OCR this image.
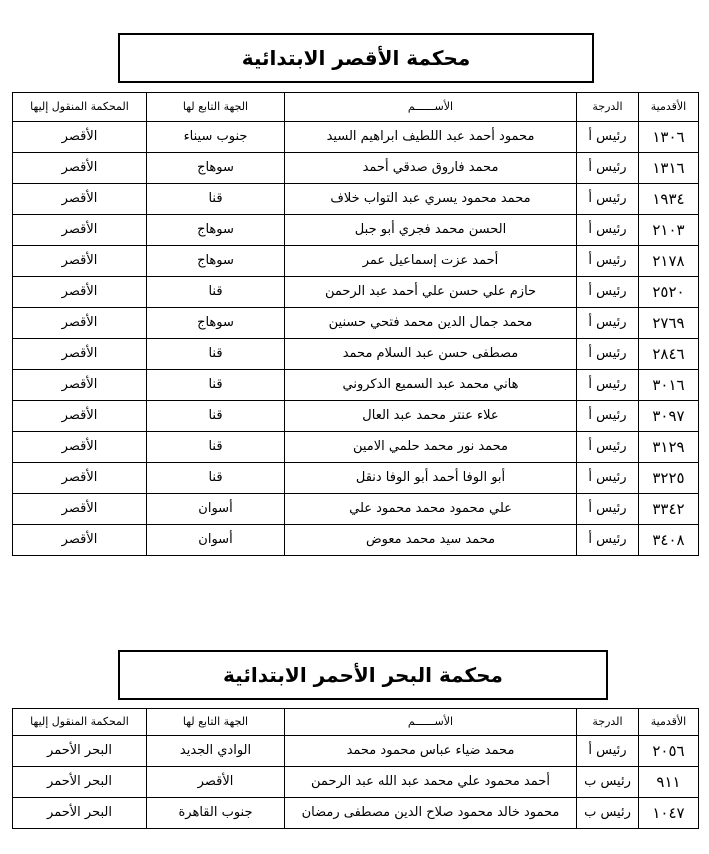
محكمة الأقصر الابتدائية
الأقدمية	الدرجة	الأســــــم	الجهة التابع لها	المحكمة المنقول إليها
١٣٠٦	رئيس أ	محمود أحمد عبد اللطيف ابراهيم السيد	جنوب سيناء	الأقصر
١٣١٦	رئيس أ	محمد فاروق صدقي أحمد	سوهاج	الأقصر
١٩٣٤	رئيس أ	محمد محمود يسري عبد التواب خلاف	قنا	الأقصر
٢١٠٣	رئيس أ	الحسن محمد فجري أبو جبل	سوهاج	الأقصر
٢١٧٨	رئيس أ	أحمد عزت إسماعيل عمر	سوهاج	الأقصر
٢٥٢٠	رئيس أ	حازم علي حسن علي أحمد عبد الرحمن	قنا	الأقصر
٢٧٦٩	رئيس أ	محمد جمال الدين محمد فتحي حسنين	سوهاج	الأقصر
٢٨٤٦	رئيس أ	مصطفى حسن عبد السلام محمد	قنا	الأقصر
٣٠١٦	رئيس أ	هاني محمد عبد السميع الدكروني	قنا	الأقصر
٣٠٩٧	رئيس أ	علاء عنتر محمد عبد العال	قنا	الأقصر
٣١٢٩	رئيس أ	محمد نور محمد حلمي الامين	قنا	الأقصر
٣٢٢٥	رئيس أ	أبو الوفا أحمد أبو الوفا دنقل	قنا	الأقصر
٣٣٤٢	رئيس أ	علي محمود محمد محمود علي	أسوان	الأقصر
٣٤٠٨	رئيس أ	محمد سيد محمد معوض	أسوان	الأقصر
محكمة البحر الأحمر الابتدائية
الأقدمية	الدرجة	الأســــــم	الجهة التابع لها	المحكمة المنقول إليها
٢٠٥٦	رئيس أ	محمد ضياء عباس محمود محمد	الوادي الجديد	البحر الأحمر
٩١١	رئيس ب	أحمد محمود علي محمد عبد الله عبد الرحمن	الأقصر	البحر الأحمر
١٠٤٧	رئيس ب	محمود خالد محمود صلاح الدين مصطفى رمضان	جنوب القاهرة	البحر الأحمر
